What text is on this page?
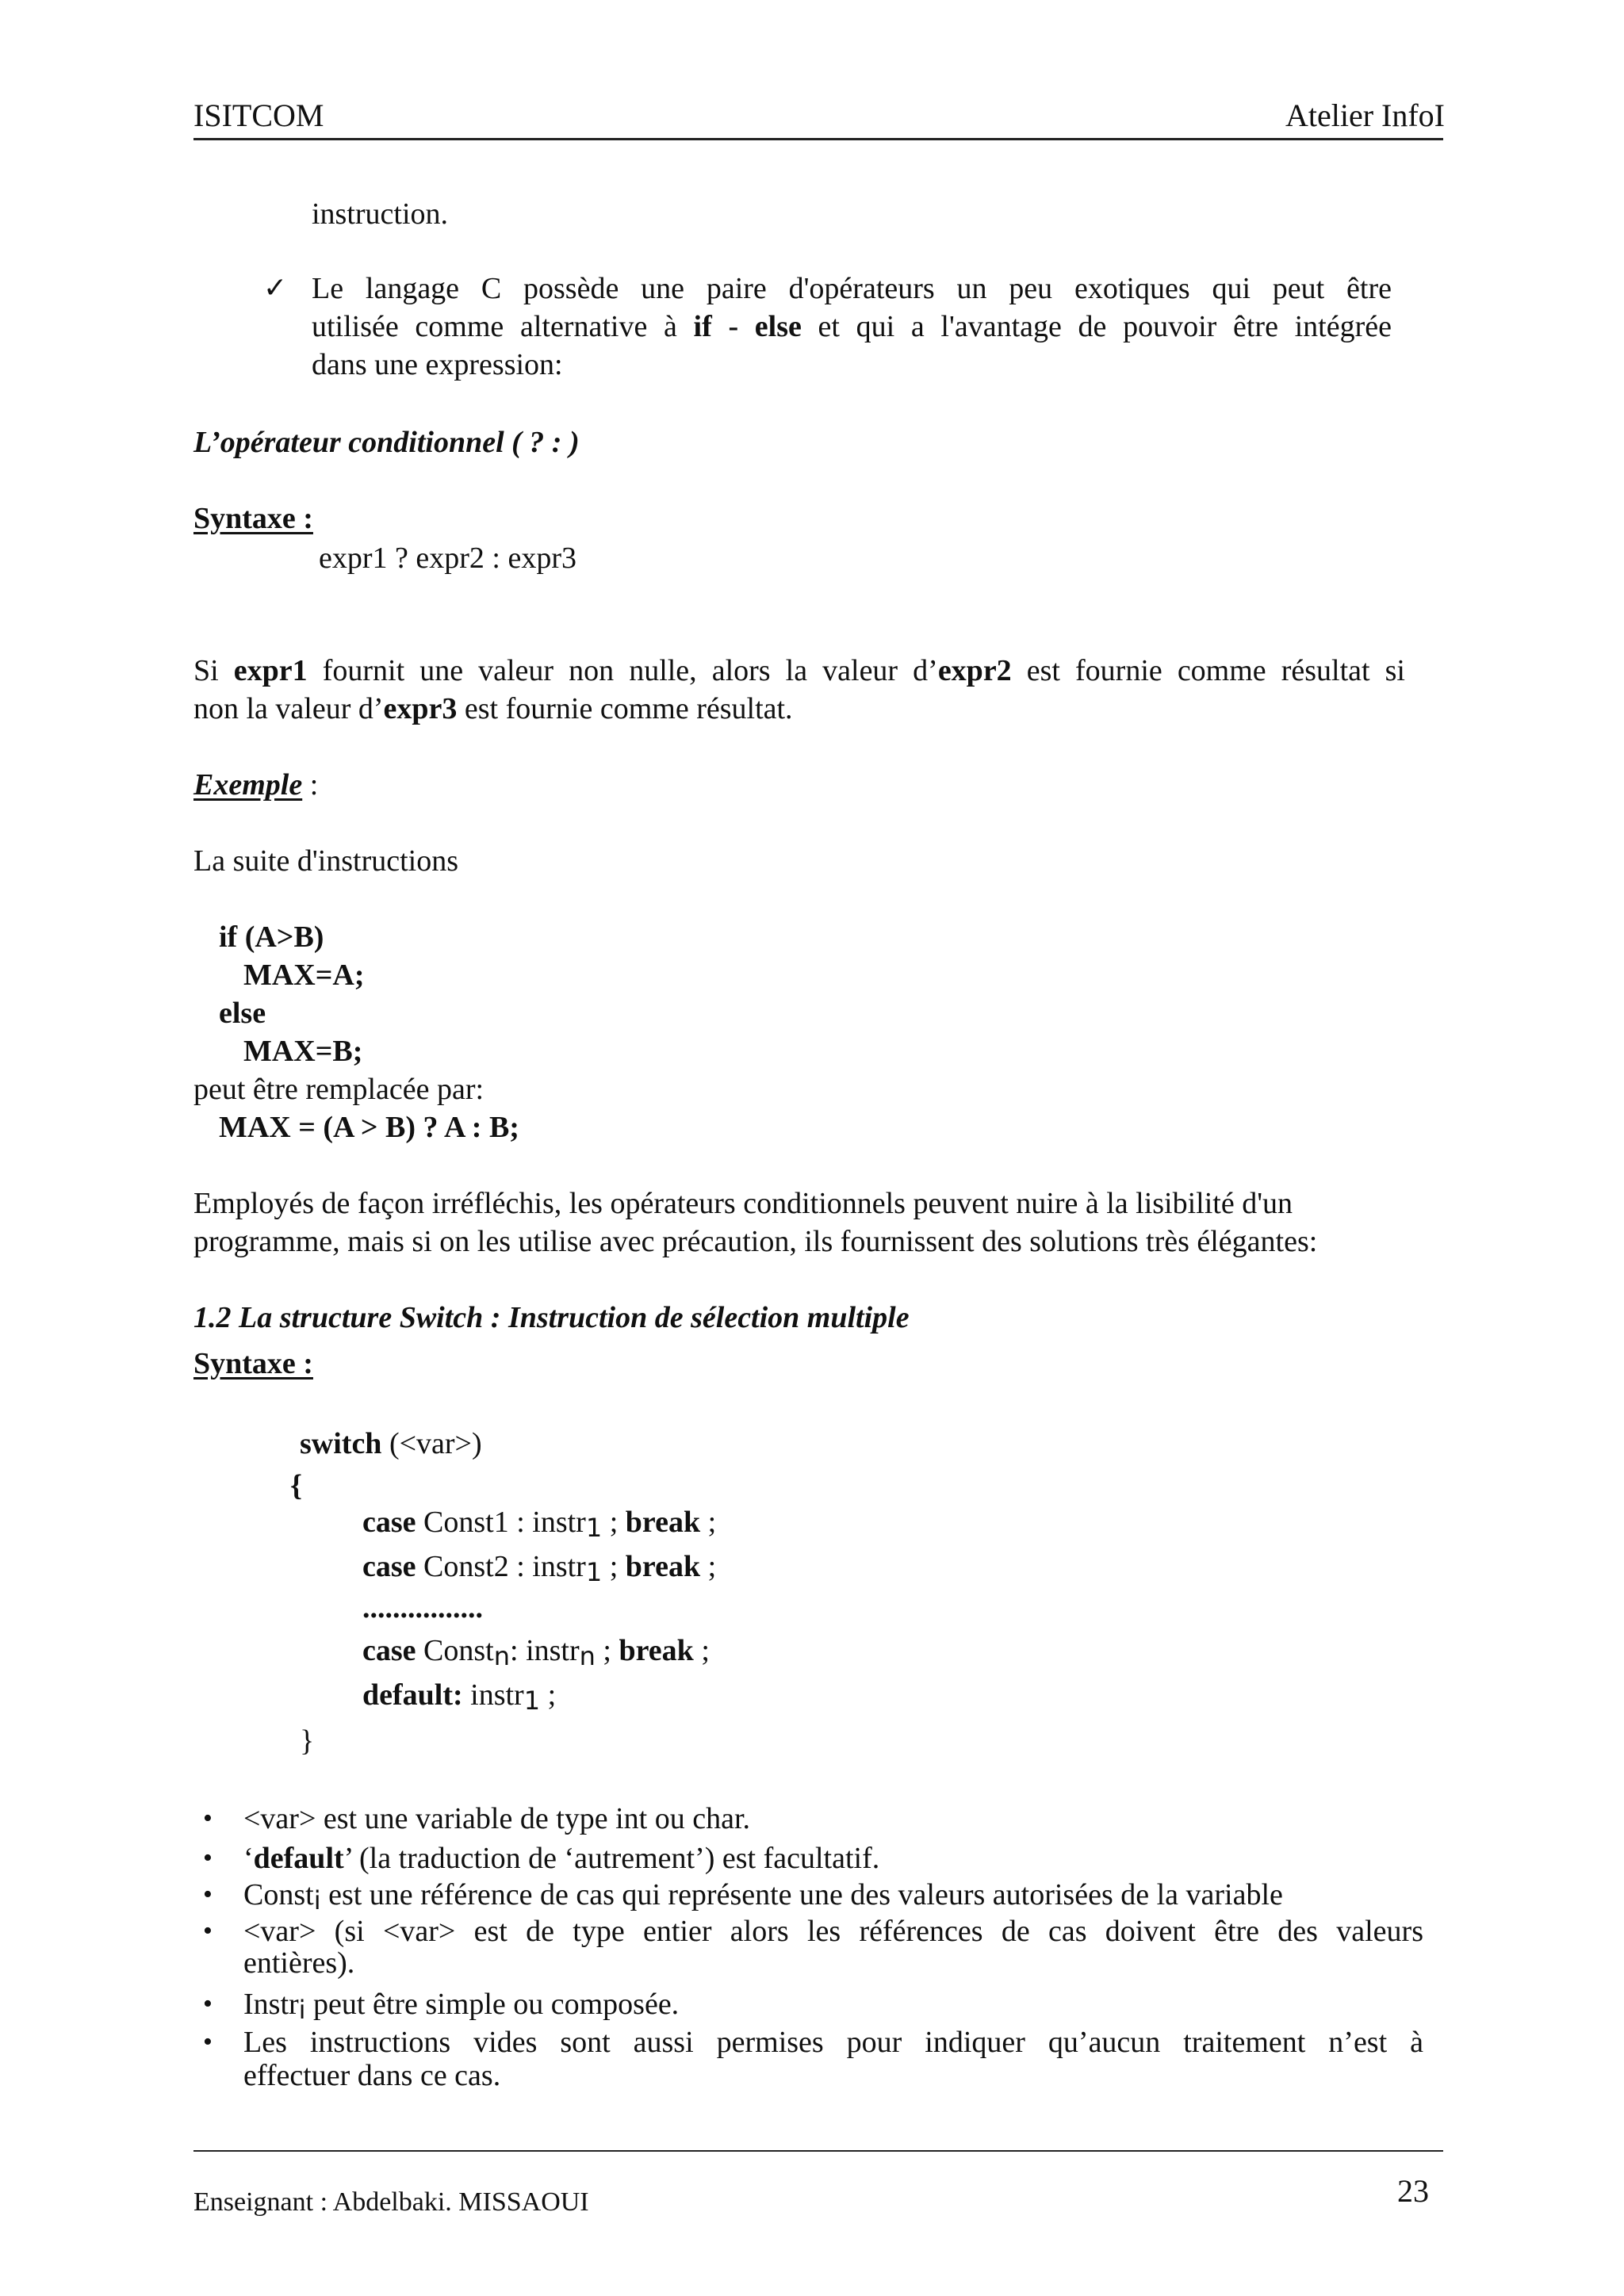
ISITCOM	Atelier InfoI
instruction.
✓ Le langage C possède une paire d'opérateurs un peu exotiques qui peut être
utilisée comme alternative à if - else et qui a l'avantage de pouvoir être intégrée
dans une expression:
L’opérateur conditionnel ( ? : )
Syntaxe :
expr1 ? expr2 : expr3
Si expr1 fournit une valeur non nulle, alors la valeur d’expr2 est fournie comme résultat si
non la valeur d’expr3 est fournie comme résultat.
Exemple :
La suite d'instructions
if (A>B)
MAX=A;
else
MAX=B;
peut être remplacée par:
MAX = (A > B) ? A : B;
Employés de façon irréfléchis, les opérateurs conditionnels peuvent nuire à la lisibilité d'un
programme, mais si on les utilise avec précaution, ils fournissent des solutions très élégantes:
1.2 La structure Switch : Instruction de sélection multiple
Syntaxe :
switch (<var>)
{
case Const1 : instr1 ; break ;
case Const2 : instr1 ; break ;
................
case Constn: instrn ; break ;
default: instr1 ;
}
• <var> est une variable de type int ou char.
• ‘default’ (la traduction de ‘autrement’) est facultatif.
• Consti est une référence de cas qui représente une des valeurs autorisées de la variable
• <var> (si <var> est de type entier alors les références de cas doivent être des valeurs
entières).
• Instri peut être simple ou composée.
• Les instructions vides sont aussi permises pour indiquer qu’aucun traitement n’est à
effectuer dans ce cas.
Enseignant : Abdelbaki. MISSAOUI	23
